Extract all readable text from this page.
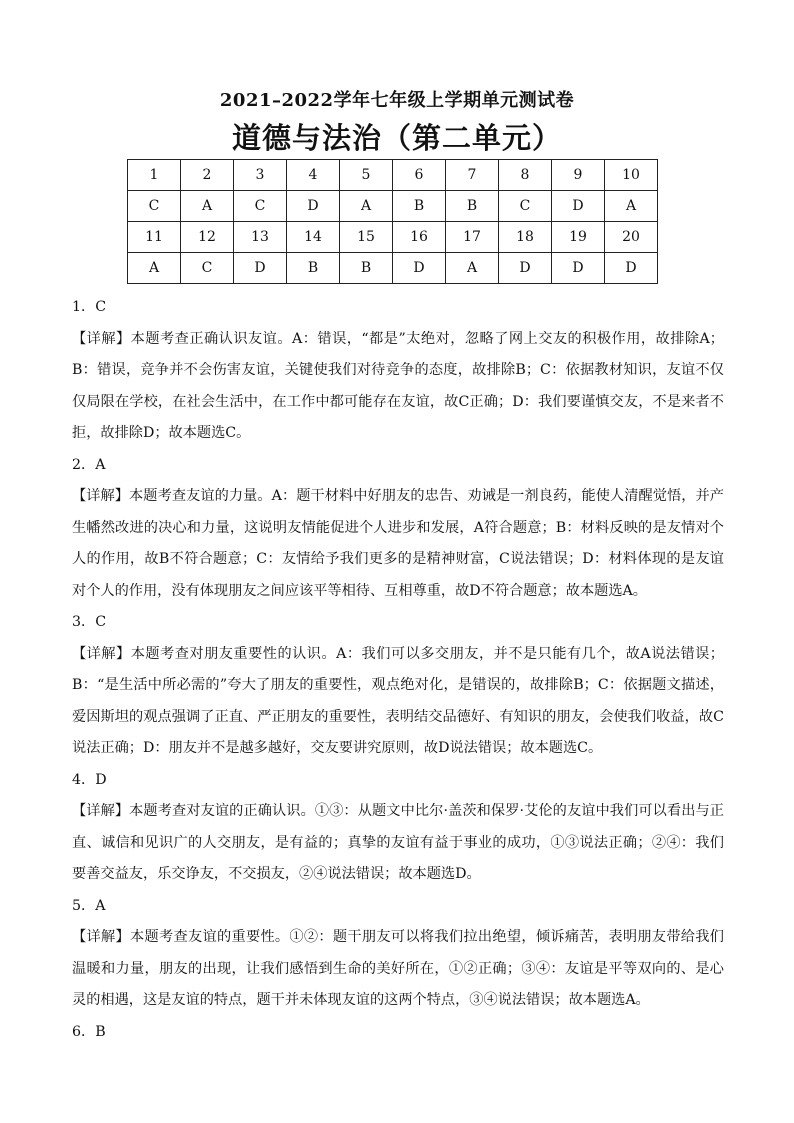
2021–2022学年七年级上学期单元测试卷
道德与法治（第二单元）
1	2	3	4	5	6	7	8	9	10
C	A	C	D	A	B	B	C	D	A
11	12	13	14	15	16	17	18	19	20
A	C	D	B	B	D	A	D	D	D
1．C
【详解】本题考查正确认识友谊。A：错误，“都是”太绝对，忽略了网上交友的积极作用，故排除A；B：错误，竞争并不会伤害友谊，关键使我们对待竞争的态度，故排除B；C：依据教材知识，友谊不仅仅局限在学校，在社会生活中，在工作中都可能存在友谊，故C正确；D：我们要谨慎交友，不是来者不拒，故排除D；故本题选C。
2．A
【详解】本题考查友谊的力量。A：题干材料中好朋友的忠告、劝诫是一剂良药，能使人清醒觉悟，并产生幡然改进的决心和力量，这说明友情能促进个人进步和发展，A符合题意；B：材料反映的是友情对个人的作用，故B不符合题意；C：友情给予我们更多的是精神财富，C说法错误；D：材料体现的是友谊对个人的作用，没有体现朋友之间应该平等相待、互相尊重，故D不符合题意；故本题选A。
3．C
【详解】本题考查对朋友重要性的认识。A：我们可以多交朋友，并不是只能有几个，故A说法错误；B：“是生活中所必需的”夸大了朋友的重要性，观点绝对化，是错误的，故排除B；C：依据题文描述，爱因斯坦的观点强调了正直、严正朋友的重要性，表明结交品德好、有知识的朋友，会使我们收益，故C说法正确；D：朋友并不是越多越好，交友要讲究原则，故D说法错误；故本题选C。
4．D
【详解】本题考查对友谊的正确认识。①③：从题文中比尔·盖茨和保罗·艾伦的友谊中我们可以看出与正直、诚信和见识广的人交朋友，是有益的；真挚的友谊有益于事业的成功，①③说法正确；②④：我们要善交益友，乐交诤友，不交损友，②④说法错误；故本题选D。
5．A
【详解】本题考查友谊的重要性。①②：题干朋友可以将我们拉出绝望，倾诉痛苦，表明朋友带给我们温暖和力量，朋友的出现，让我们感悟到生命的美好所在，①②正确；③④：友谊是平等双向的、是心灵的相遇，这是友谊的特点，题干并未体现友谊的这两个特点，③④说法错误；故本题选A。
6．B
